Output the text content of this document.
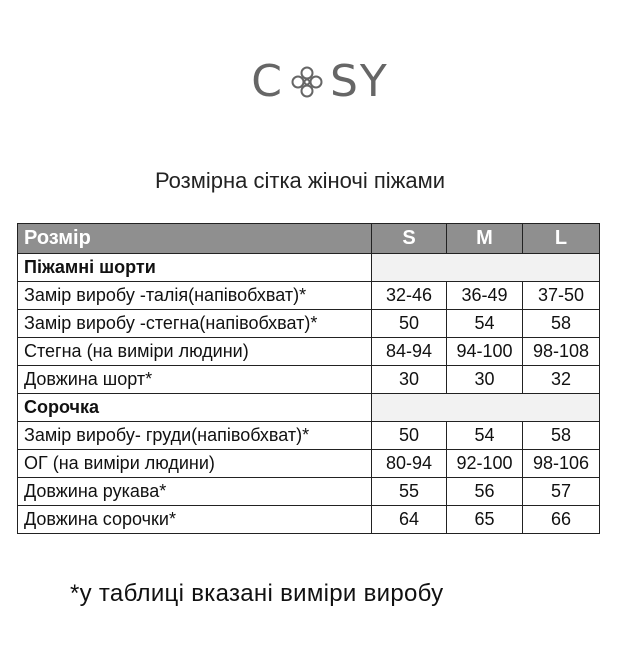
C SY
Розмірна сітка жіночі піжами
Розмір	S	M	L
Піжамні шорти			
Замір виробу -талія(напівобхват)*	32-46	36-49	37-50
Замір виробу -стегна(напівобхват)*	50	54	58
Стегна (на виміри людини)	84-94	94-100	98-108
Довжина шорт*	30	30	32
Сорочка			
Замір виробу- груди(напівобхват)*	50	54	58
ОГ (на виміри людини)	80-94	92-100	98-106
Довжина рукава*	55	56	57
Довжина сорочки*	64	65	66
*у таблиці вказані виміри виробу
